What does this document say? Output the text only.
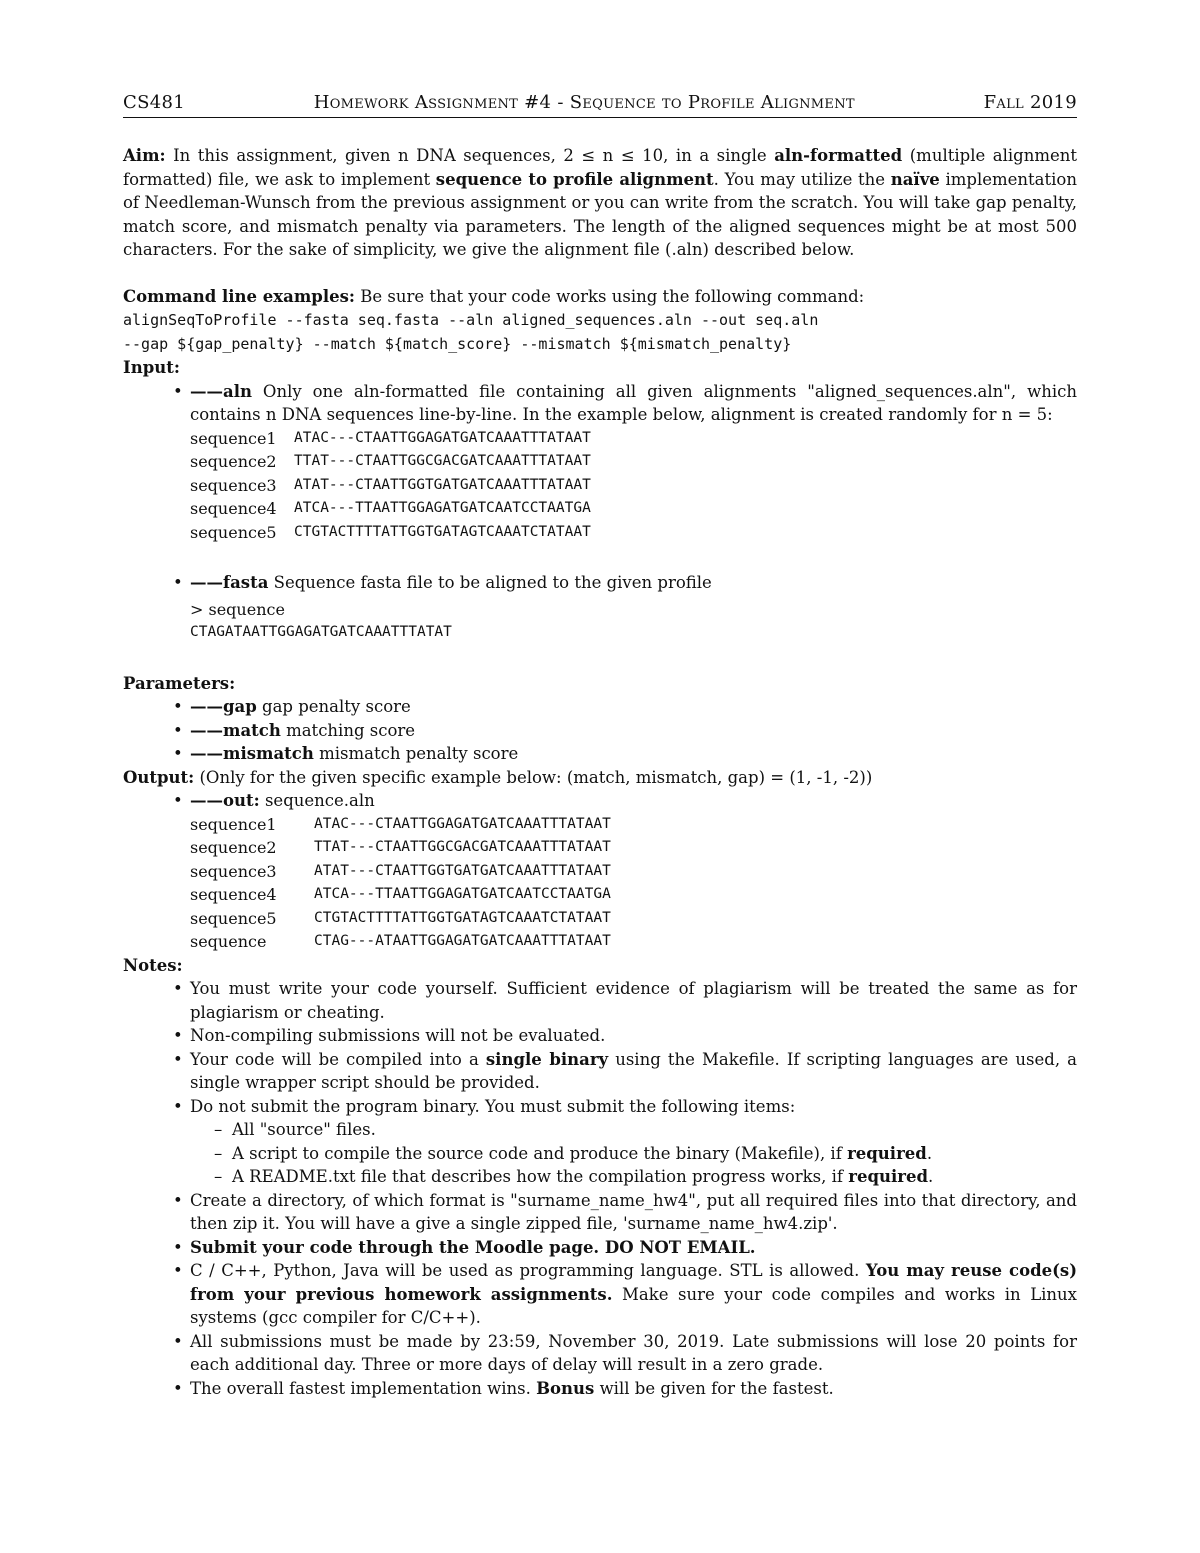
CS481	Homework Assignment #4 - Sequence to Profile Alignment	Fall 2019

Aim: In this assignment, given n DNA sequences, 2 ≤ n ≤ 10, in a single aln-formatted (multiple alignment formatted) file, we ask to implement sequence to profile alignment. You may utilize the naïve implementation of Needleman-Wunsch from the previous assignment or you can write from the scratch. You will take gap penalty, match score, and mismatch penalty via parameters. The length of the aligned sequences might be at most 500 characters. For the sake of simplicity, we give the alignment file (.aln) described below.

Command line examples: Be sure that your code works using the following command:

alignSeqToProfile --fasta seq.fasta --aln aligned_sequences.aln --out seq.aln
--gap ${gap_penalty} --match ${match_score} --mismatch ${mismatch_penalty}

Input:

• ——aln Only one aln-formatted file containing all given alignments "aligned_sequences.aln", which contains n DNA sequences line-by-line. In the example below, alignment is created randomly for n = 5:

sequence1	ATAC---CTAATTGGAGATGATCAAATTTATAAT
sequence2	TTAT---CTAATTGGCGACGATCAAATTTATAAT
sequence3	ATAT---CTAATTGGTGATGATCAAATTTATAAT
sequence4	ATCA---TTAATTGGAGATGATCAATCCTAATGA
sequence5	CTGTACTTTTATTGGTGATAGTCAAATCTATAAT

• ——fasta Sequence fasta file to be aligned to the given profile

> sequence

CTAGATAATTGGAGATGATCAAATTTATAT

Parameters:

• ——gap gap penalty score
• ——match matching score
• ——mismatch mismatch penalty score

Output: (Only for the given specific example below: (match, mismatch, gap) = (1, -1, -2))

• ——out: sequence.aln

sequence1	ATAC---CTAATTGGAGATGATCAAATTTATAAT
sequence2	TTAT---CTAATTGGCGACGATCAAATTTATAAT
sequence3	ATAT---CTAATTGGTGATGATCAAATTTATAAT
sequence4	ATCA---TTAATTGGAGATGATCAATCCTAATGA
sequence5	CTGTACTTTTATTGGTGATAGTCAAATCTATAAT
sequence	CTAG---ATAATTGGAGATGATCAAATTTATAAT

Notes:

• You must write your code yourself. Sufficient evidence of plagiarism will be treated the same as for plagiarism or cheating.

• Non-compiling submissions will not be evaluated.

• Your code will be compiled into a single binary using the Makefile. If scripting languages are used, a single wrapper script should be provided.

• Do not submit the program binary. You must submit the following items:

– All "source" files.
– A script to compile the source code and produce the binary (Makefile), if required.
– A README.txt file that describes how the compilation progress works, if required.

• Create a directory, of which format is "surname_name_hw4", put all required files into that directory, and then zip it. You will have a give a single zipped file, 'surname_name_hw4.zip'.

• Submit your code through the Moodle page. DO NOT EMAIL.

• C / C++, Python, Java will be used as programming language. STL is allowed. You may reuse code(s) from your previous homework assignments. Make sure your code compiles and works in Linux systems (gcc compiler for C/C++).

• All submissions must be made by 23:59, November 30, 2019. Late submissions will lose 20 points for each additional day. Three or more days of delay will result in a zero grade.

• The overall fastest implementation wins. Bonus will be given for the fastest.
